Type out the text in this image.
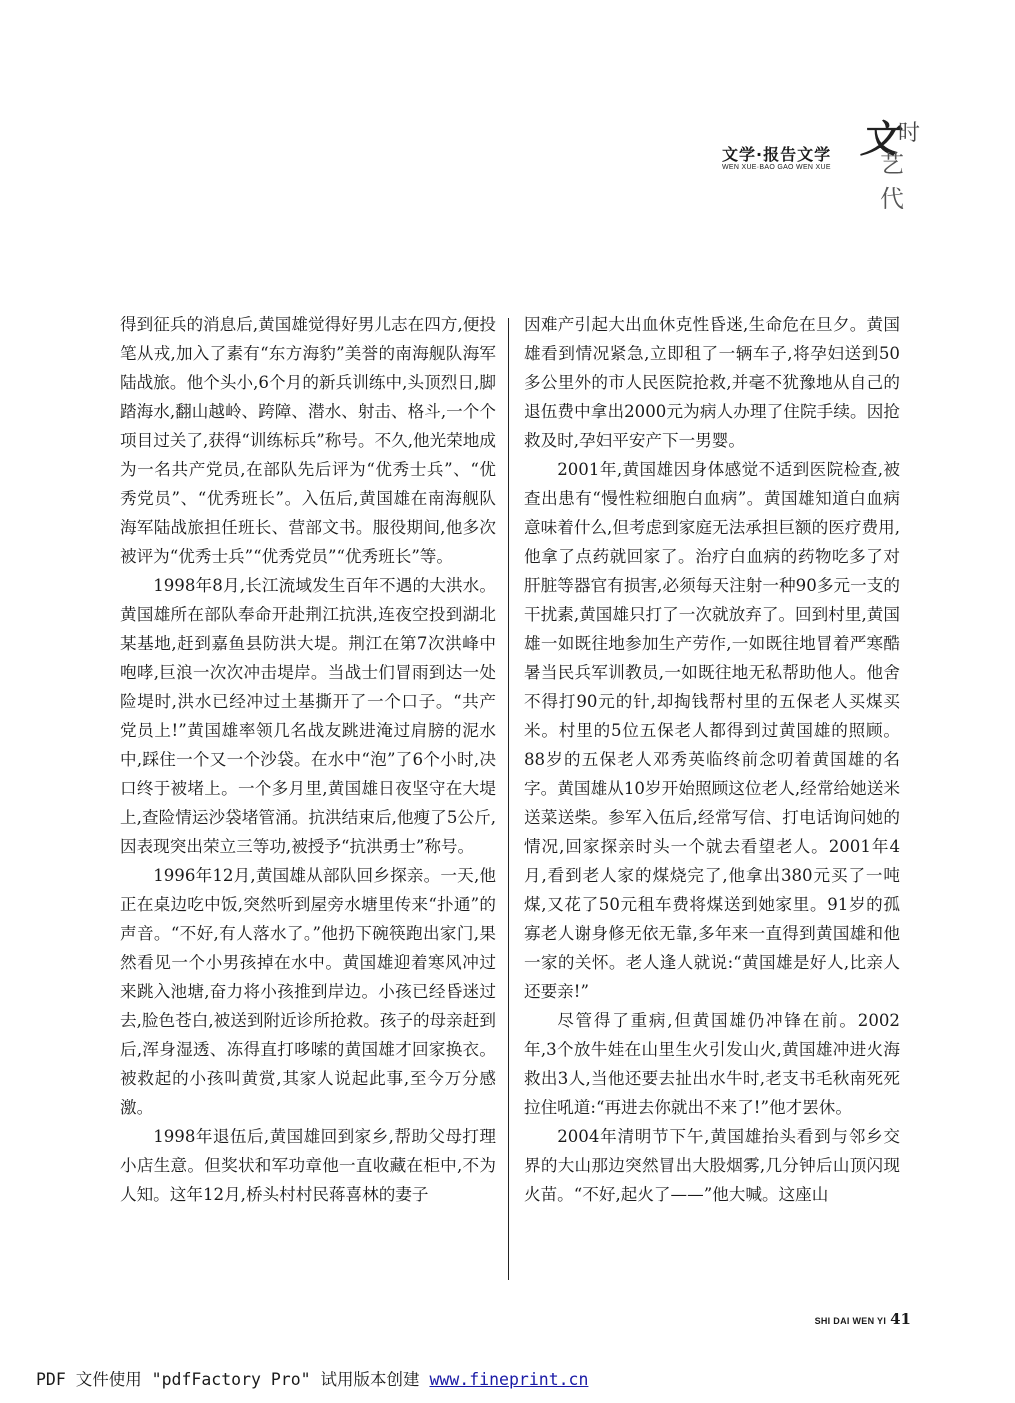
文学·报告文学
WEN XUE·BAO GAO WEN XUE
文 时
艺代

得到征兵的消息后,黄国雄觉得好男儿志在四方,便投笔从戎,加入了素有“东方海豹”美誉的南海舰队海军陆战旅。他个头小,6个月的新兵训练中,头顶烈日,脚踏海水,翻山越岭、跨障、潜水、射击、格斗,一个个项目过关了,获得“训练标兵”称号。不久,他光荣地成为一名共产党员,在部队先后评为“优秀士兵”、“优秀党员”、“优秀班长”。入伍后,黄国雄在南海舰队海军陆战旅担任班长、营部文书。服役期间,他多次被评为“优秀士兵”“优秀党员”“优秀班长”等。

1998年8月,长江流域发生百年不遇的大洪水。黄国雄所在部队奉命开赴荆江抗洪,连夜空投到湖北某基地,赶到嘉鱼县防洪大堤。荆江在第7次洪峰中咆哮,巨浪一次次冲击堤岸。当战士们冒雨到达一处险堤时,洪水已经冲过土基撕开了一个口子。“共产党员上!”黄国雄率领几名战友跳进淹过肩膀的泥水中,踩住一个又一个沙袋。在水中“泡”了6个小时,决口终于被堵上。一个多月里,黄国雄日夜坚守在大堤上,查险情运沙袋堵管涌。抗洪结束后,他瘦了5公斤,因表现突出荣立三等功,被授予“抗洪勇士”称号。

1996年12月,黄国雄从部队回乡探亲。一天,他正在桌边吃中饭,突然听到屋旁水塘里传来“扑通”的声音。“不好,有人落水了。”他扔下碗筷跑出家门,果然看见一个小男孩掉在水中。黄国雄迎着寒风冲过来跳入池塘,奋力将小孩推到岸边。小孩已经昏迷过去,脸色苍白,被送到附近诊所抢救。孩子的母亲赶到后,浑身湿透、冻得直打哆嗦的黄国雄才回家换衣。被救起的小孩叫黄赏,其家人说起此事,至今万分感激。

1998年退伍后,黄国雄回到家乡,帮助父母打理小店生意。但奖状和军功章他一直收藏在柜中,不为人知。这年12月,桥头村村民蒋喜林的妻子

因难产引起大出血休克性昏迷,生命危在旦夕。黄国雄看到情况紧急,立即租了一辆车子,将孕妇送到50多公里外的市人民医院抢救,并毫不犹豫地从自己的退伍费中拿出2000元为病人办理了住院手续。因抢救及时,孕妇平安产下一男婴。

2001年,黄国雄因身体感觉不适到医院检查,被查出患有“慢性粒细胞白血病”。黄国雄知道白血病意味着什么,但考虑到家庭无法承担巨额的医疗费用,他拿了点药就回家了。治疗白血病的药物吃多了对肝脏等器官有损害,必须每天注射一种90多元一支的干扰素,黄国雄只打了一次就放弃了。回到村里,黄国雄一如既往地参加生产劳作,一如既往地冒着严寒酷暑当民兵军训教员,一如既往地无私帮助他人。他舍不得打90元的针,却掏钱帮村里的五保老人买煤买米。村里的5位五保老人都得到过黄国雄的照顾。88岁的五保老人邓秀英临终前念叨着黄国雄的名字。黄国雄从10岁开始照顾这位老人,经常给她送米送菜送柴。参军入伍后,经常写信、打电话询问她的情况,回家探亲时头一个就去看望老人。2001年4月,看到老人家的煤烧完了,他拿出380元买了一吨煤,又花了50元租车费将煤送到她家里。91岁的孤寡老人谢身修无依无靠,多年来一直得到黄国雄和他一家的关怀。老人逢人就说:“黄国雄是好人,比亲人还要亲!”

尽管得了重病,但黄国雄仍冲锋在前。2002年,3个放牛娃在山里生火引发山火,黄国雄冲进火海救出3人,当他还要去扯出水牛时,老支书毛秋南死死拉住吼道:“再进去你就出不来了!”他才罢休。

2004年清明节下午,黄国雄抬头看到与邻乡交界的大山那边突然冒出大股烟雾,几分钟后山顶闪现火苗。“不好,起火了——”他大喊。这座山

SHI DAI WEN YI 41
PDF 文件使用 "pdfFactory Pro" 试用版本创建 www.fineprint.cn
